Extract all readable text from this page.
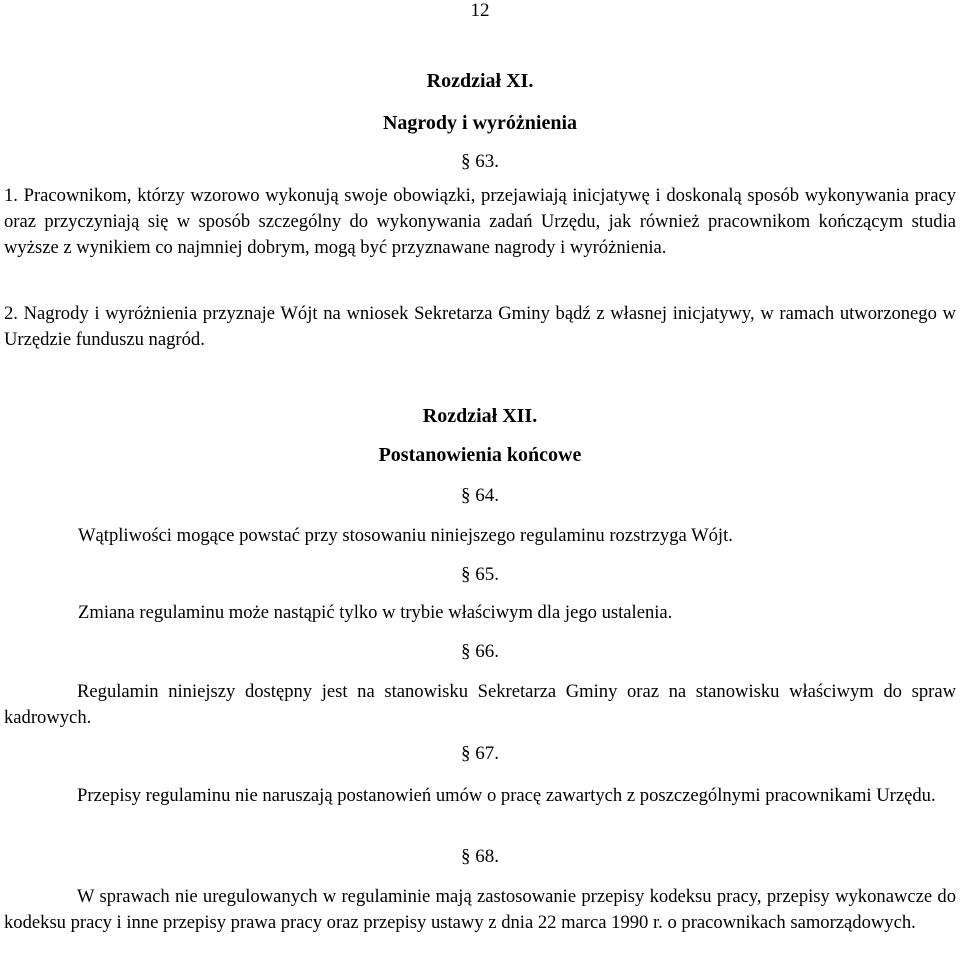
12
Rozdział XI.
Nagrody i wyróżnienia
§ 63.
1. Pracownikom, którzy wzorowo wykonują swoje obowiązki, przejawiają inicjatywę i doskonalą sposób wykonywania pracy oraz przyczyniają się w sposób szczególny do wykonywania zadań Urzędu, jak również pracownikom kończącym studia wyższe z wynikiem co najmniej dobrym, mogą być przyznawane nagrody i wyróżnienia.
2. Nagrody i wyróżnienia przyznaje Wójt na wniosek Sekretarza Gminy bądź z własnej inicjatywy, w ramach utworzonego w Urzędzie funduszu nagród.
Rozdział XII.
Postanowienia końcowe
§ 64.
Wątpliwości mogące powstać przy stosowaniu niniejszego regulaminu rozstrzyga Wójt.
§ 65.
Zmiana regulaminu może nastąpić tylko w trybie właściwym dla jego ustalenia.
§ 66.
Regulamin niniejszy dostępny jest na stanowisku Sekretarza Gminy oraz na stanowisku właściwym do spraw kadrowych.
§ 67.
Przepisy regulaminu nie naruszają postanowień umów o pracę zawartych z poszczególnymi pracownikami Urzędu.
§ 68.
W sprawach nie uregulowanych w regulaminie mają zastosowanie przepisy kodeksu pracy, przepisy wykonawcze do kodeksu pracy i inne przepisy prawa pracy oraz przepisy ustawy z dnia 22 marca 1990 r. o pracownikach samorządowych.
